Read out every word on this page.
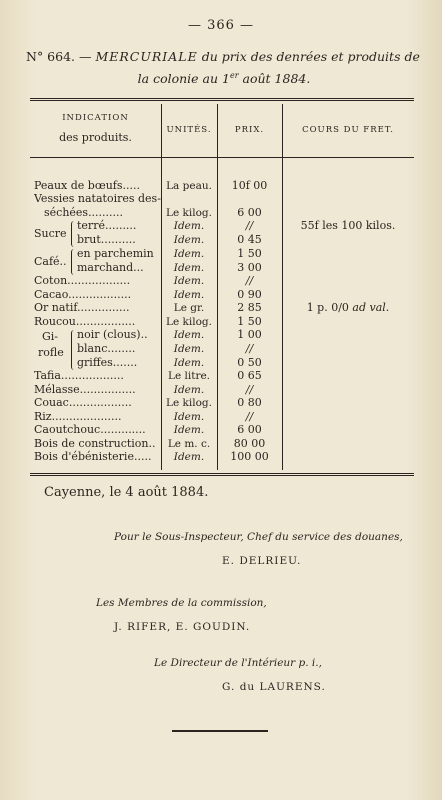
— 366 —
N° 664. — MERCURIALE du prix des denrées et produits de
la colonie au 1er août 1884.
INDICATION
des produits.
UNITÉS.	PRIX.	COURS DU FRET.
Peaux de bœufs.....	La peau.	10f 00
Vessies natatoires des-
séchées..........	Le kilog.	6 00
Sucre
terré.........	Idem.	//	55f les 100 kilos.
brut..........	Idem.	0 45
Café..
en parchemin	Idem.	1 50
marchand...	Idem.	3 00
Coton..................	Idem.	//
Cacao..................	Idem.	0 90
Or natif...............	Le gr.	2 85	1 p. 0/0 ad val.
Roucou.................	Le kilog.	1 50
Gi-
rofle
noir (clous)..	Idem.	1 00
blanc........	Idem.	//
griffes.......	Idem.	0 50
Tafia..................	Le litre.	0 65
Mélasse................	Idem.	//
Couac..................	Le kilog.	0 80
Riz....................	Idem.	//
Caoutchouc.............	Idem.	6 00
Bois de construction..	Le m. c.	80 00
Bois d'ébénisterie.....	Idem.	100 00
Cayenne, le 4 août 1884.
Pour le Sous-Inspecteur, Chef du service des douanes,
E. DELRIEU.
Les Membres de la commission,
J. RIFER, E. GOUDIN.
Le Directeur de l'Intérieur p. i.,
G. du LAURENS.
